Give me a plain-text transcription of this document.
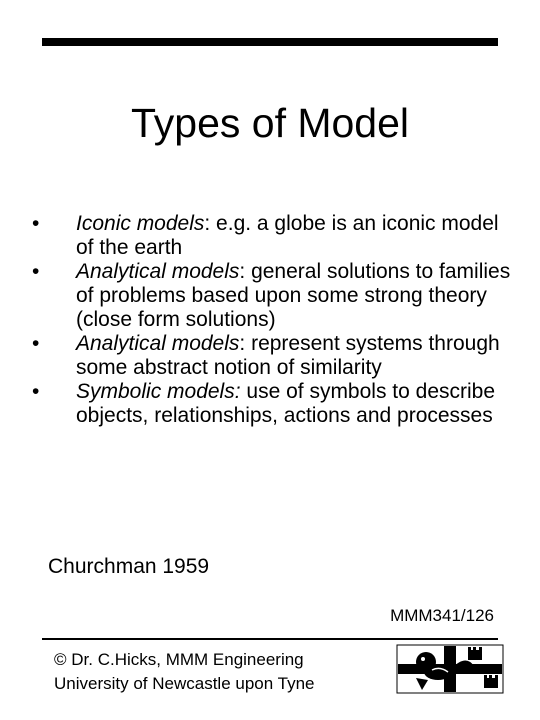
Types of Model
•	Iconic models: e.g. a globe is an iconic model of the earth
•	Analytical models: general solutions to families of problems based upon some strong theory (close form solutions)
•	Analytical models: represent systems through some abstract notion of similarity
•	Symbolic models: use of symbols to describe objects, relationships, actions and processes
Churchman 1959
MMM341/126
© Dr. C.Hicks, MMM Engineering
University of Newcastle upon Tyne
